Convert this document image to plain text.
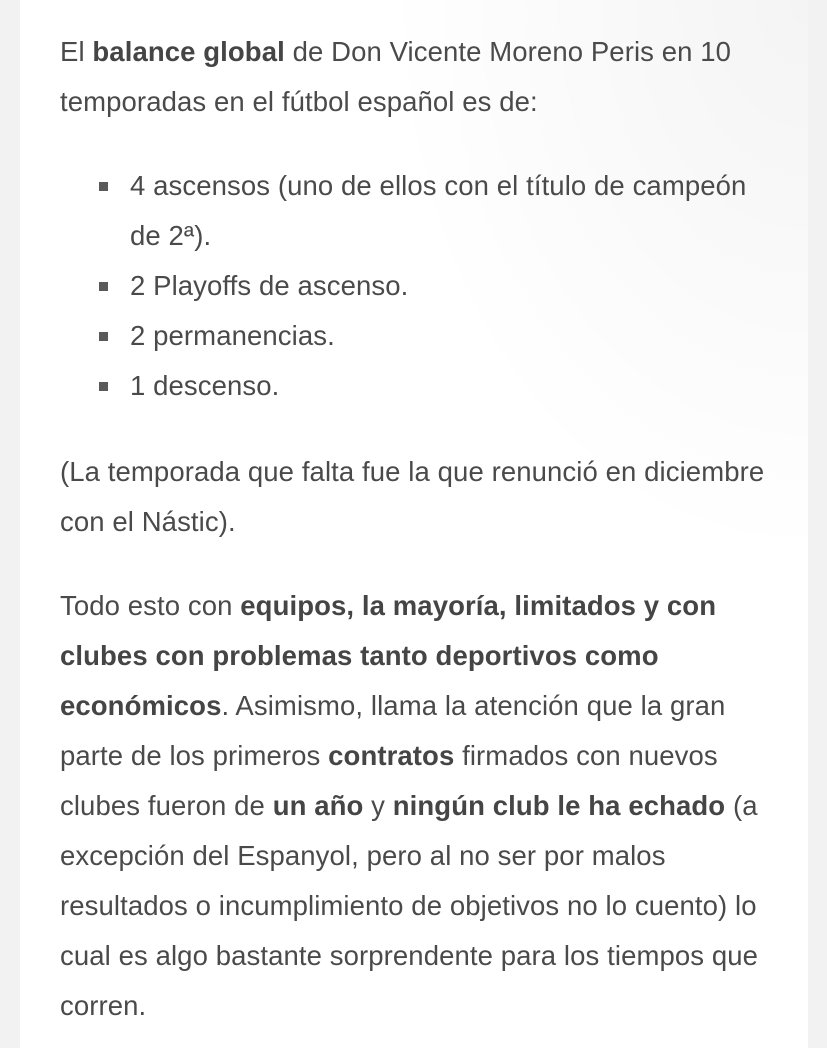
El balance global de Don Vicente Moreno Peris en 10 temporadas en el fútbol español es de:

4 ascensos (uno de ellos con el título de campeón de 2ª).
2 Playoffs de ascenso.
2 permanencias.
1 descenso.

(La temporada que falta fue la que renunció en diciembre con el Nástic).

Todo esto con equipos, la mayoría, limitados y con clubes con problemas tanto deportivos como económicos. Asimismo, llama la atención que la gran parte de los primeros contratos firmados con nuevos clubes fueron de un año y ningún club le ha echado (a excepción del Espanyol, pero al no ser por malos resultados o incumplimiento de objetivos no lo cuento) lo cual es algo bastante sorprendente para los tiempos que corren.
